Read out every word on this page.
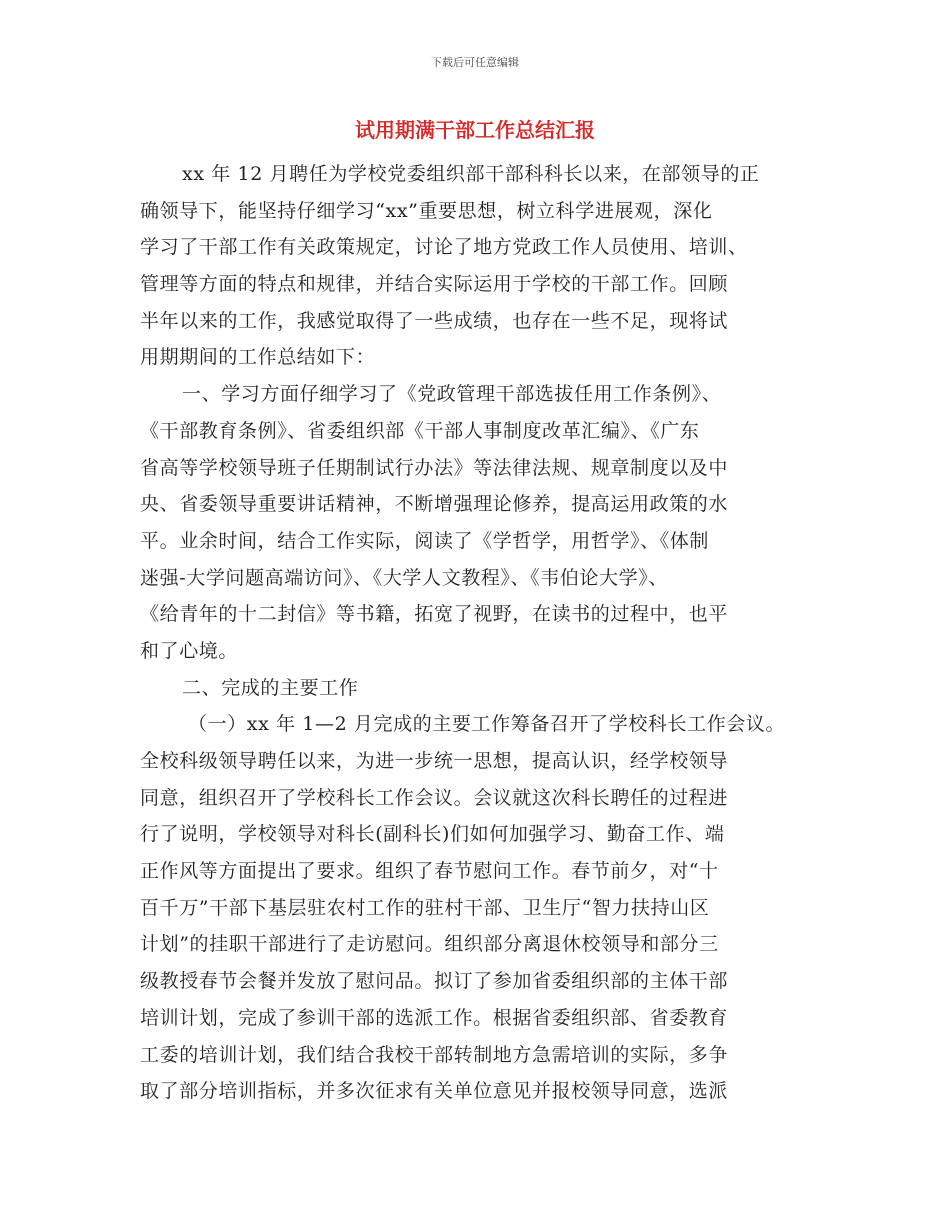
下载后可任意编辑
试用期满干部工作总结汇报
xx 年 12 月聘任为学校党委组织部干部科科长以来，在部领导的正
确领导下，能坚持仔细学习“xx”重要思想，树立科学进展观，深化
学习了干部工作有关政策规定，讨论了地方党政工作人员使用、培训、
管理等方面的特点和规律，并结合实际运用于学校的干部工作。回顾
半年以来的工作，我感觉取得了一些成绩，也存在一些不足，现将试
用期期间的工作总结如下：
一、学习方面仔细学习了《党政管理干部选拔任用工作条例》、
《干部教育条例》、省委组织部《干部人事制度改革汇编》、《广东
省高等学校领导班子任期制试行办法》等法律法规、规章制度以及中
央、省委领导重要讲话精神，不断增强理论修养，提高运用政策的水
平。业余时间，结合工作实际，阅读了《学哲学，用哲学》、《体制
迷强-大学问题高端访问》、《大学人文教程》、《韦伯论大学》、
《给青年的十二封信》等书籍，拓宽了视野，在读书的过程中，也平
和了心境。
二、完成的主要工作
（一）xx 年 1—2 月完成的主要工作筹备召开了学校科长工作会议。
全校科级领导聘任以来，为进一步统一思想，提高认识，经学校领导
同意，组织召开了学校科长工作会议。会议就这次科长聘任的过程进
行了说明，学校领导对科长(副科长)们如何加强学习、勤奋工作、端
正作风等方面提出了要求。组织了春节慰问工作。春节前夕，对“十
百千万”干部下基层驻农村工作的驻村干部、卫生厅“智力扶持山区
计划”的挂职干部进行了走访慰问。组织部分离退休校领导和部分三
级教授春节会餐并发放了慰问品。拟订了参加省委组织部的主体干部
培训计划，完成了参训干部的选派工作。根据省委组织部、省委教育
工委的培训计划，我们结合我校干部转制地方急需培训的实际，多争
取了部分培训指标，并多次征求有关单位意见并报校领导同意，选派
